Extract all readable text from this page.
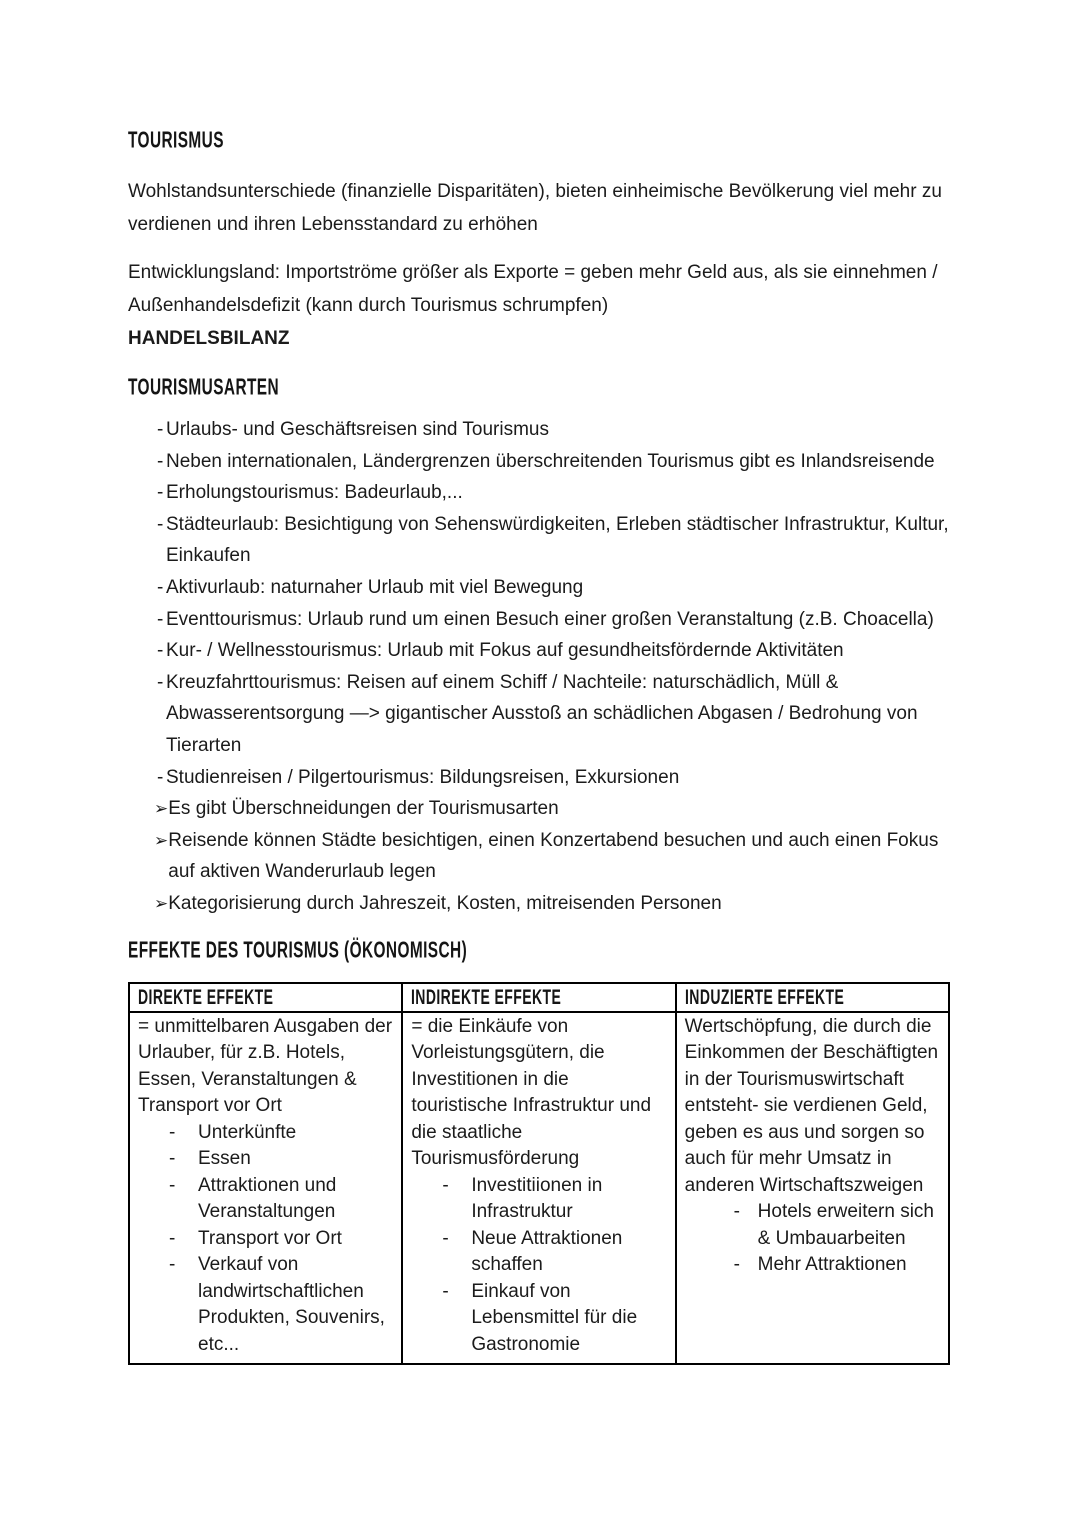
TOURISMUS

Wohlstandsunterschiede (finanzielle Disparitäten), bieten einheimische Bevölkerung viel mehr zu verdienen und ihren Lebensstandard zu erhöhen

Entwicklungsland: Importströme größer als Exporte = geben mehr Geld aus, als sie einnehmen / Außenhandelsdefizit (kann durch Tourismus schrumpfen)
HANDELSBILANZ
TOURISMUSARTEN
- Urlaubs- und Geschäftsreisen sind Tourismus
- Neben internationalen, Ländergrenzen überschreitenden Tourismus gibt es Inlandsreisende
- Erholungstourismus: Badeurlaub,...
- Städteurlaub: Besichtigung von Sehenswürdigkeiten, Erleben städtischer Infrastruktur, Kultur, Einkaufen
- Aktivurlaub: naturnaher Urlaub mit viel Bewegung
- Eventtourismus: Urlaub rund um einen Besuch einer großen Veranstaltung (z.B. Choacella)
- Kur- / Wellnesstourismus: Urlaub mit Fokus auf gesundheitsfördernde Aktivitäten
- Kreuzfahrttourismus: Reisen auf einem Schiff / Nachteile: naturschädlich, Müll & Abwasserentsorgung —> gigantischer Ausstoß an schädlichen Abgasen / Bedrohung von Tierarten
- Studienreisen / Pilgertourismus: Bildungsreisen, Exkursionen
➢ Es gibt Überschneidungen der Tourismusarten
➢ Reisende können Städte besichtigen, einen Konzertabend besuchen und auch einen Fokus auf aktiven Wanderurlaub legen
➢ Kategorisierung durch Jahreszeit, Kosten, mitreisenden Personen
EFFEKTE DES TOURISMUS (ÖKONOMISCH)
DIREKTE EFFEKTE	INDIREKTE EFFEKTE	INDUZIERTE EFFEKTE

= unmittelbaren Ausgaben der Urlauber, für z.B. Hotels, Essen, Veranstaltungen & Transport vor Ort
-	Unterkünfte
-	Essen
-	Attraktionen und Veranstaltungen
-	Transport vor Ort
-	Verkauf von landwirtschaftlichen Produkten, Souvenirs, etc...

= die Einkäufe von Vorleistungsgütern, die Investitionen in die touristische Infrastruktur und die staatliche Tourismusförderung
-	Investitiionen in Infrastruktur
-	Neue Attraktionen schaffen
-	Einkauf von Lebensmittel für die Gastronomie

Wertschöpfung, die durch die Einkommen der Beschäftigten in der Tourismuswirtschaft entsteht- sie verdienen Geld, geben es aus und sorgen so auch für mehr Umsatz in anderen Wirtschaftszweigen
- Hotels erweitern sich & Umbauarbeiten
- Mehr Attraktionen
